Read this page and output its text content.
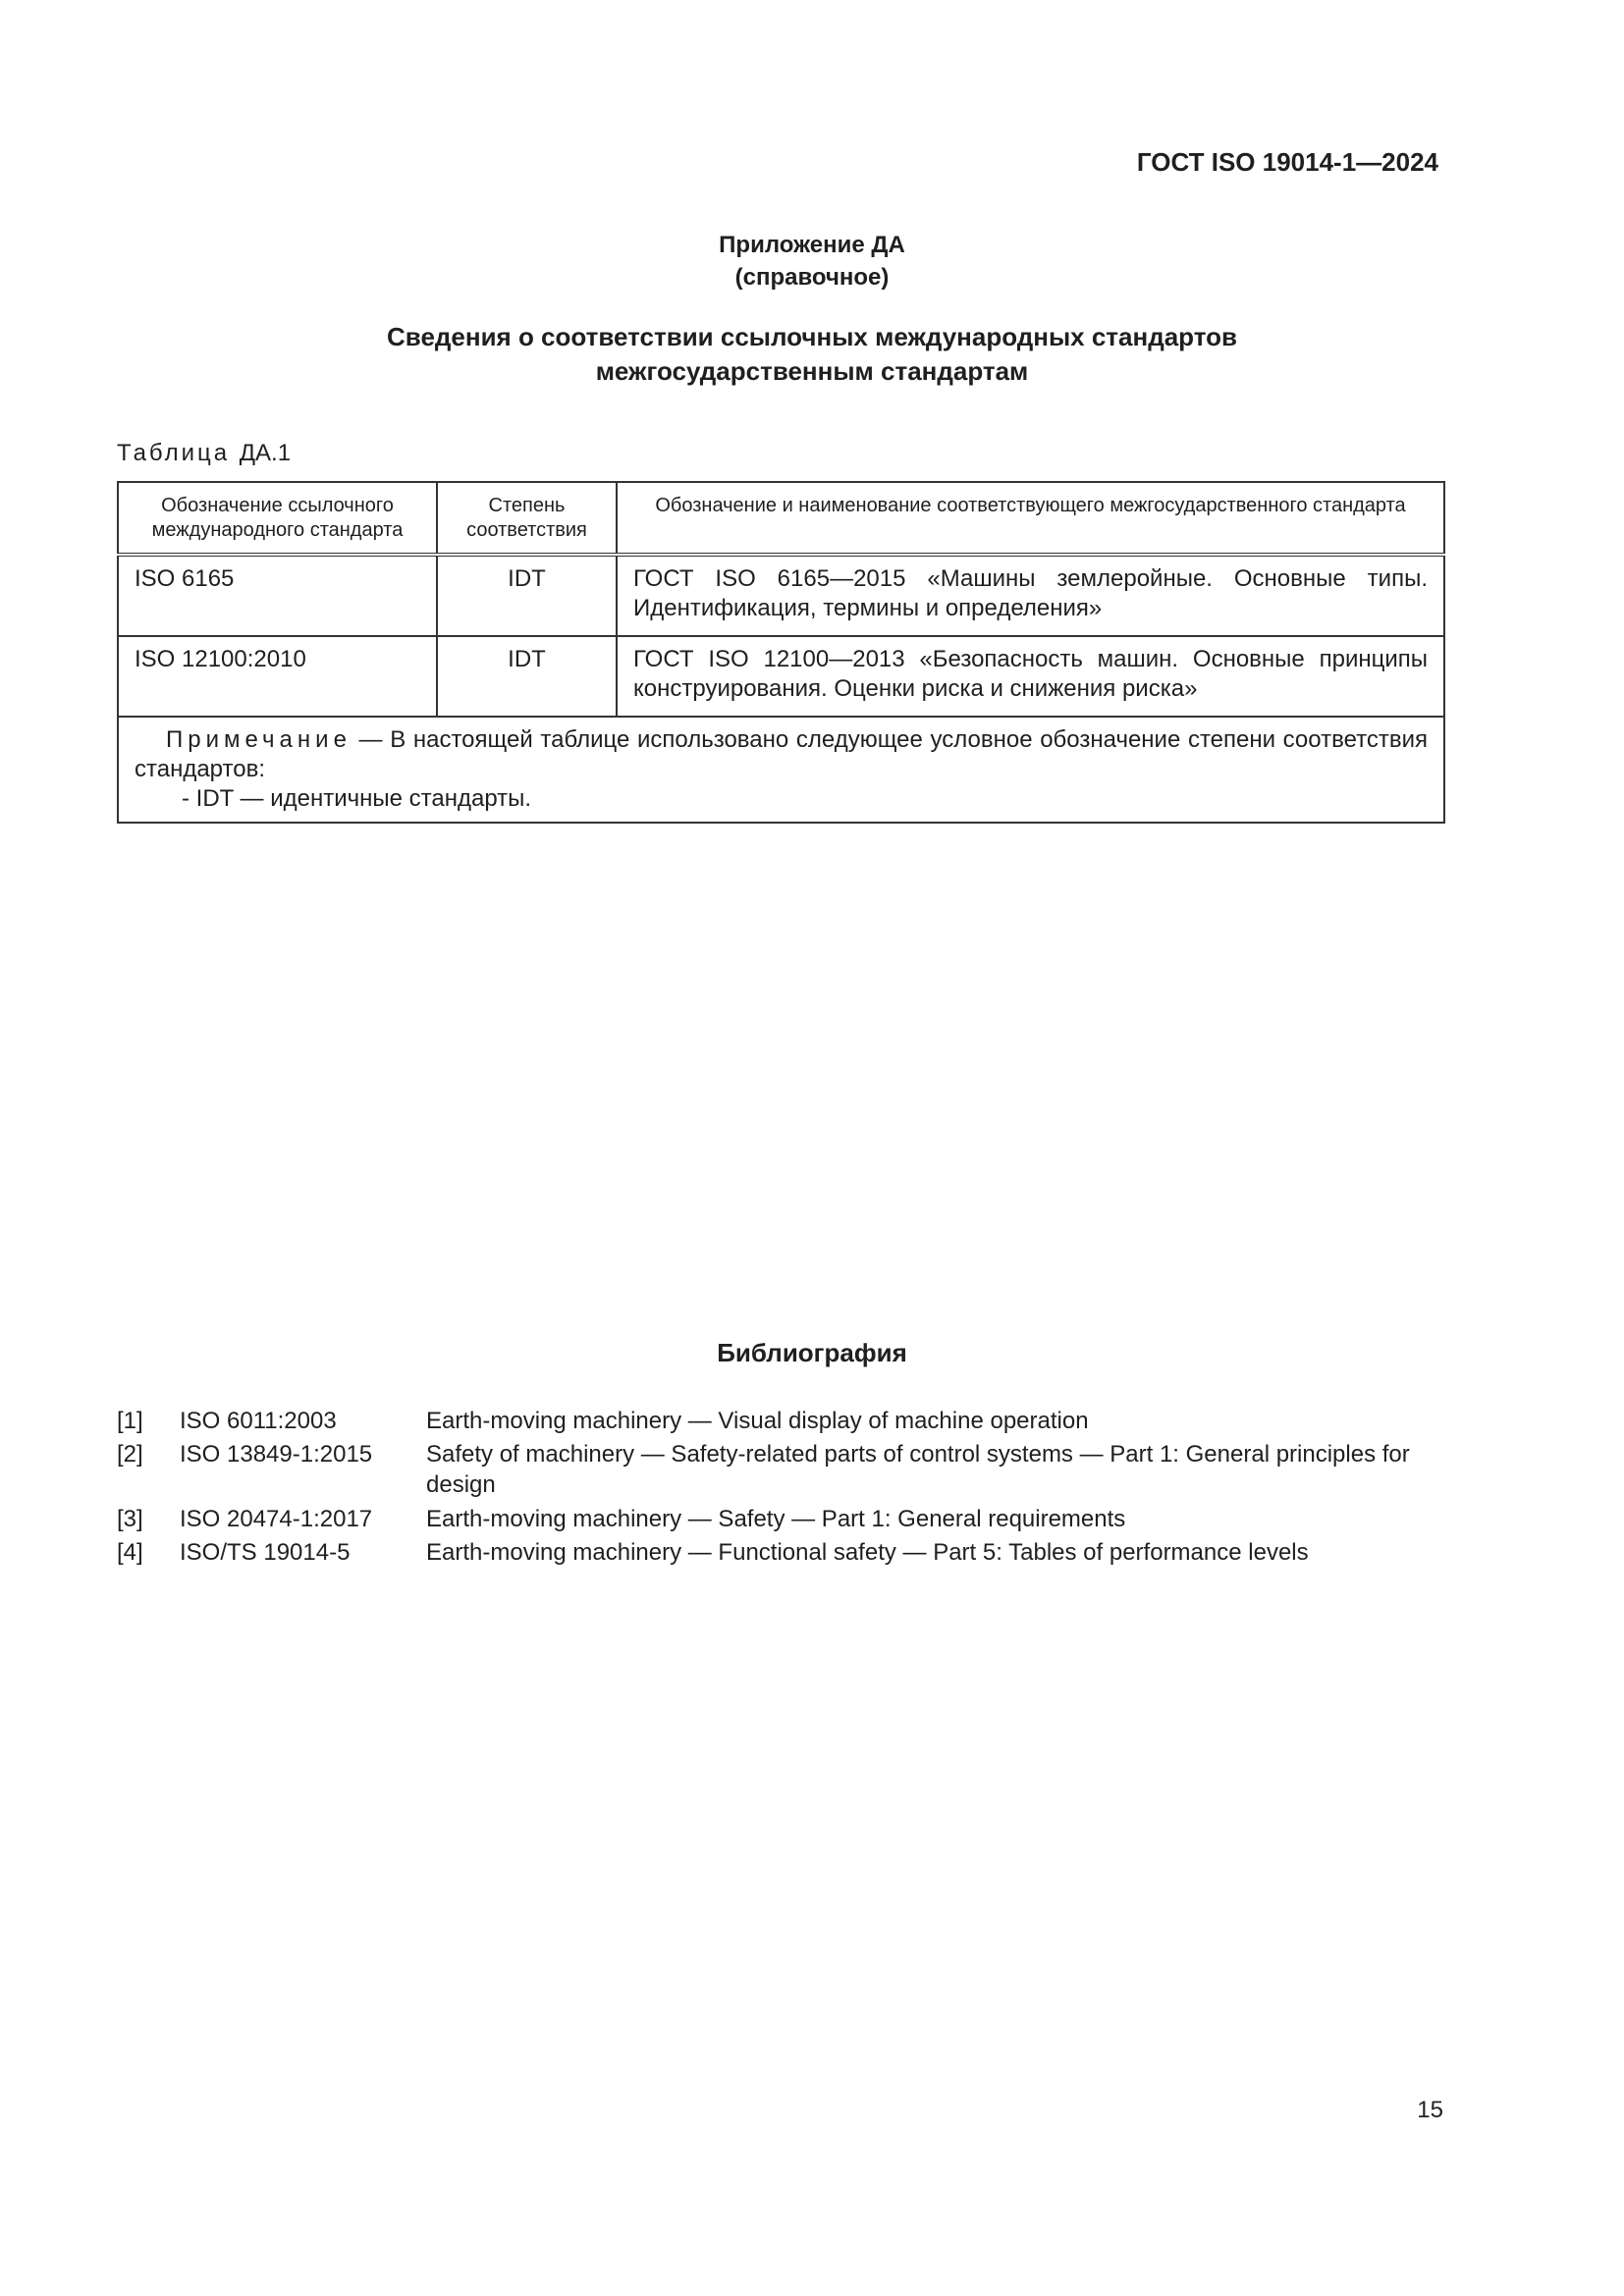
ГОСТ ISO 19014-1—2024
Приложение ДА
(справочное)
Сведения о соответствии ссылочных международных стандартов
межгосударственным стандартам
Таблица ДА.1
Обозначение ссылочного международного стандарта	Степень соответствия	Обозначение и наименование соответствующего межгосударственного стандарта
ISO 6165	IDT	ГОСТ ISO 6165—2015 «Машины землеройные. Основные типы. Идентификация, термины и определения»
ISO 12100:2010	IDT	ГОСТ ISO 12100—2013 «Безопасность машин. Основные принципы конструирования. Оценки риска и снижения риска»

Примечание — В настоящей таблице использовано следующее условное обозначение степени соответствия стандартов:
- IDT — идентичные стандарты.		
Библиография
[1] ISO 6011:2003	Earth-moving machinery — Visual display of machine operation
[2] ISO 13849-1:2015 Safety of machinery — Safety-related parts of control systems — Part 1: General principles for design
[3] ISO 20474-1:2017 Earth-moving machinery — Safety — Part 1: General requirements
[4] ISO/TS 19014-5	Earth-moving machinery — Functional safety — Part 5: Tables of performance levels
15
